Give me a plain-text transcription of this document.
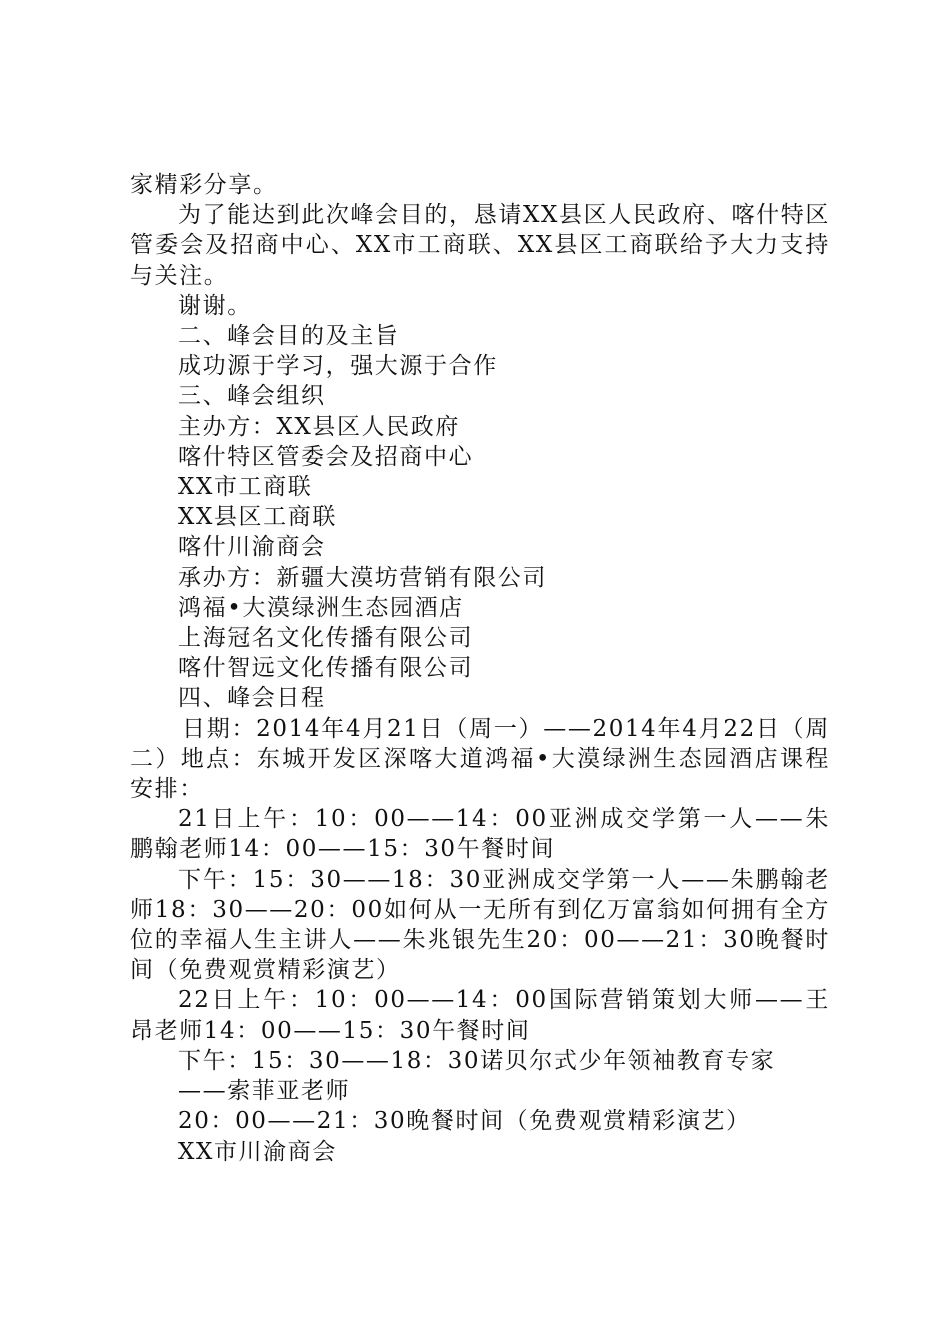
家精彩分享。

为了能达到此次峰会目的，恳请XX县区人民政府、喀什特区管委会及招商中心、XX市工商联、XX县区工商联给予大力支持与关注。

谢谢。

二、峰会目的及主旨

成功源于学习，强大源于合作

三、峰会组织

主办方：XX县区人民政府

喀什特区管委会及招商中心

XX市工商联

XX县区工商联

喀什川渝商会

承办方：新疆大漠坊营销有限公司

鸿福•大漠绿洲生态园酒店

上海冠名文化传播有限公司

喀什智远文化传播有限公司

四、峰会日程

日期：2014年4月21日（周一）——2014年4月22日（周二）地点：东城开发区深喀大道鸿福•大漠绿洲生态园酒店课程安排：

21日上午：10：00——14：00亚洲成交学第一人——朱鹏翰老师14：00——15：30午餐时间

下午：15：30——18：30亚洲成交学第一人——朱鹏翰老师18：30——20：00如何从一无所有到亿万富翁如何拥有全方位的幸福人生主讲人——朱兆银先生20：00——21：30晚餐时间（免费观赏精彩演艺）

22日上午：10：00——14：00国际营销策划大师——王昂老师14：00——15：30午餐时间

下午：15：30——18：30诺贝尔式少年领袖教育专家

——索菲亚老师

20：00——21：30晚餐时间（免费观赏精彩演艺）

XX市川渝商会
